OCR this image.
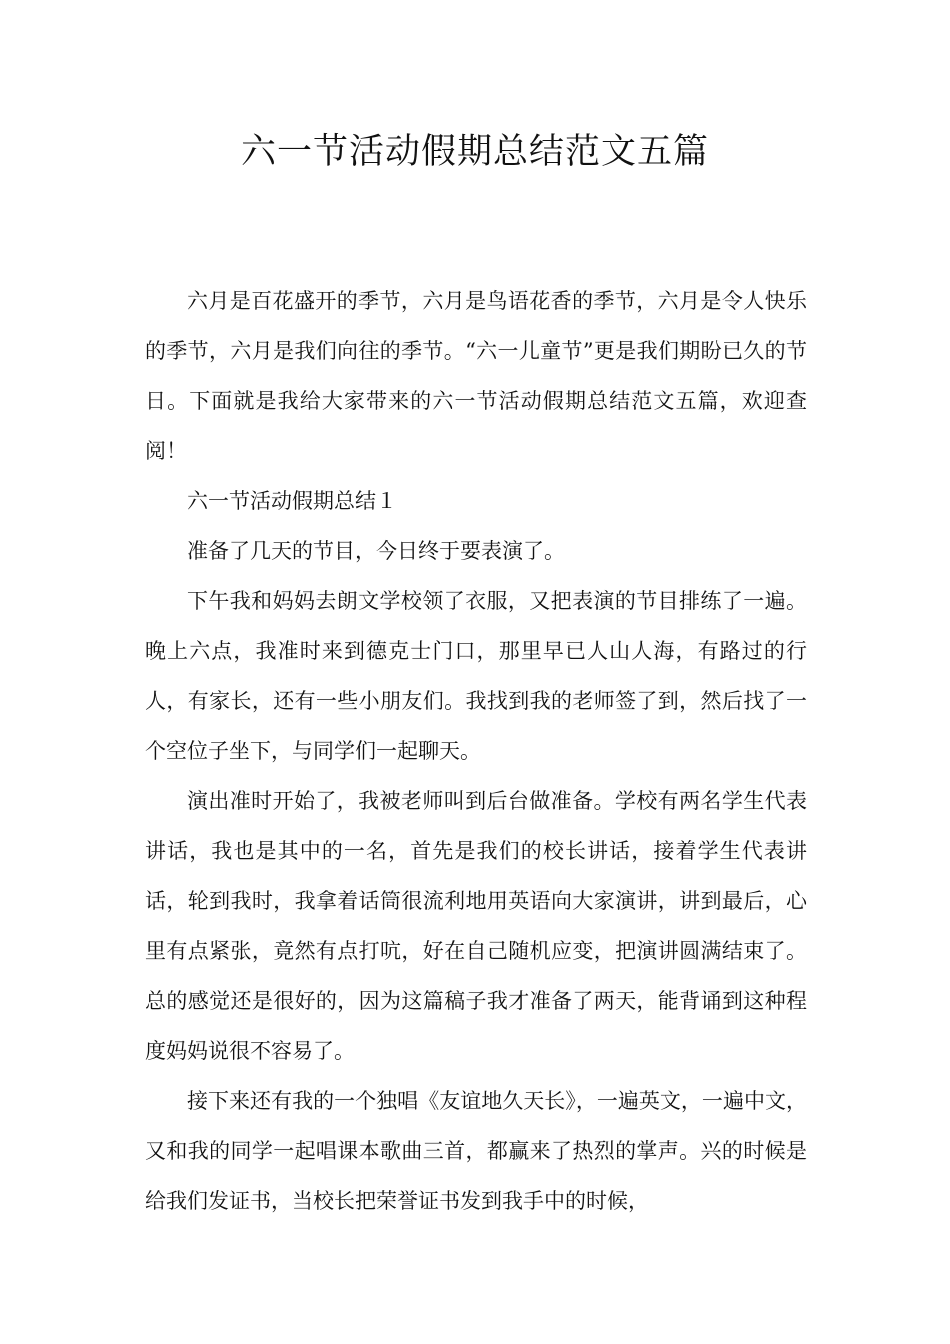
六一节活动假期总结范文五篇

六月是百花盛开的季节，六月是鸟语花香的季节，六月是令人快乐的季节，六月是我们向往的季节。“六一儿童节”更是我们期盼已久的节日。下面就是我给大家带来的六一节活动假期总结范文五篇，欢迎查阅！

六一节活动假期总结１

准备了几天的节目，今日终于要表演了。

下午我和妈妈去朗文学校领了衣服，又把表演的节目排练了一遍。晚上六点，我准时来到德克士门口，那里早已人山人海，有路过的行人，有家长，还有一些小朋友们。我找到我的老师签了到，然后找了一个空位子坐下，与同学们一起聊天。

演出准时开始了，我被老师叫到后台做准备。学校有两名学生代表讲话，我也是其中的一名，首先是我们的校长讲话，接着学生代表讲话，轮到我时，我拿着话筒很流利地用英语向大家演讲，讲到最后，心里有点紧张，竟然有点打吭，好在自己随机应变，把演讲圆满结束了。总的感觉还是很好的，因为这篇稿子我才准备了两天，能背诵到这种程度妈妈说很不容易了。

接下来还有我的一个独唱《友谊地久天长》，一遍英文，一遍中文，又和我的同学一起唱课本歌曲三首，都赢来了热烈的掌声。兴的时候是给我们发证书，当校长把荣誉证书发到我手中的时候，
